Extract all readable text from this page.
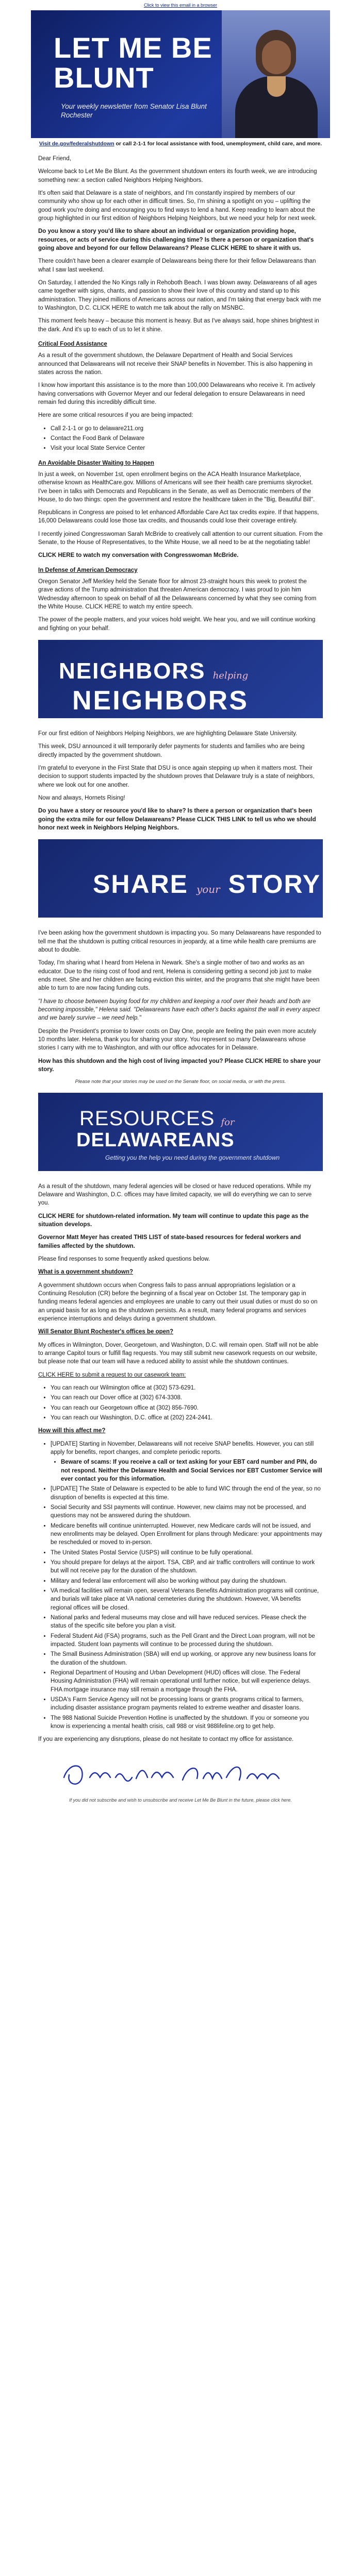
Click to view this email in a browser
LET ME BE BLUNT
Your weekly newsletter from Senator Lisa Blunt Rochester
Visit de.gov/federalshutdown or call 2-1-1 for local assistance with food, unemployment, child care, and more.

Dear Friend,

Welcome back to Let Me Be Blunt. As the government shutdown enters its fourth week, we are introducing something new: a section called Neighbors Helping Neighbors.

It's often said that Delaware is a state of neighbors, and I'm constantly inspired by members of our community who show up for each other in difficult times. So, I'm shining a spotlight on you – uplifting the good work you're doing and encouraging you to find ways to lend a hand. Keep reading to learn about the group highlighted in our first edition of Neighbors Helping Neighbors, but we need your help for next week.

Do you know a story you'd like to share about an individual or organization providing hope, resources, or acts of service during this challenging time? Is there a person or organization that's going above and beyond for our fellow Delawareans? Please CLICK HERE to share it with us.

There couldn't have been a clearer example of Delawareans being there for their fellow Delawareans than what I saw last weekend.

On Saturday, I attended the No Kings rally in Rehoboth Beach. I was blown away. Delawareans of all ages came together with signs, chants, and passion to show their love of this country and stand up to this administration. They joined millions of Americans across our nation, and I'm taking that energy back with me to Washington, D.C. CLICK HERE to watch me talk about the rally on MSNBC.

This moment feels heavy – because this moment is heavy. But as I've always said, hope shines brightest in the dark. And it's up to each of us to let it shine.

Critical Food Assistance

As a result of the government shutdown, the Delaware Department of Health and Social Services announced that Delawareans will not receive their SNAP benefits in November. This is also happening in states across the nation.

I know how important this assistance is to the more than 100,000 Delawareans who receive it. I'm actively having conversations with Governor Meyer and our federal delegation to ensure Delawareans in need remain fed during this incredibly difficult time.

Here are some critical resources if you are being impacted:

• Call 2-1-1 or go to delaware211.org
• Contact the Food Bank of Delaware
• Visit your local State Service Center
An Avoidable Disaster Waiting to Happen

In just a week, on November 1st, open enrollment begins on the ACA Health Insurance Marketplace, otherwise known as HealthCare.gov. Millions of Americans will see their health care premiums skyrocket. I've been in talks with Democrats and Republicans in the Senate, as well as Democratic members of the House, to do two things: open the government and restore the healthcare taken in the "Big, Beautiful Bill".

Republicans in Congress are poised to let enhanced Affordable Care Act tax credits expire. If that happens, 16,000 Delawareans could lose those tax credits, and thousands could lose their coverage entirely.

I recently joined Congresswoman Sarah McBride to creatively call attention to our current situation. From the Senate, to the House of Representatives, to the White House, we all need to be at the negotiating table!

CLICK HERE to watch my conversation with Congresswoman McBride.

In Defense of American Democracy

Oregon Senator Jeff Merkley held the Senate floor for almost 23-straight hours this week to protest the grave actions of the Trump administration that threaten American democracy. I was proud to join him Wednesday afternoon to speak on behalf of all the Delawareans concerned by what they see coming from the White House. CLICK HERE to watch my entire speech.

The power of the people matters, and your voices hold weight. We hear you, and we will continue working and fighting on your behalf.

NEIGHBORS helping
NEIGHBORS

For our first edition of Neighbors Helping Neighbors, we are highlighting Delaware State University.

This week, DSU announced it will temporarily defer payments for students and families who are being directly impacted by the government shutdown.

I'm grateful to everyone in the First State that DSU is once again stepping up when it matters most. Their decision to support students impacted by the shutdown proves that Delaware truly is a state of neighbors, where we look out for one another.

Now and always, Hornets Rising!

Do you have a story or resource you'd like to share? Is there a person or organization that's been going the extra mile for our fellow Delawareans? Please CLICK THIS LINK to tell us who we should honor next week in Neighbors Helping Neighbors.

SHARE your STORY

I've been asking how the government shutdown is impacting you. So many Delawareans have responded to tell me that the shutdown is putting critical resources in jeopardy, at a time while health care premiums are about to double.

Today, I'm sharing what I heard from Helena in Newark. She's a single mother of two and works as an educator. Due to the rising cost of food and rent, Helena is considering getting a second job just to make ends meet. She and her children are facing eviction this winter, and the programs that she might have been able to turn to are now facing funding cuts.

"I have to choose between buying food for my children and keeping a roof over their heads and both are becoming impossible," Helena said. "Delawareans have each other's backs against the wall in every aspect and we barely survive – we need help."

Despite the President's promise to lower costs on Day One, people are feeling the pain even more acutely 10 months later. Helena, thank you for sharing your story. You represent so many Delawareans whose stories I carry with me to Washington, and with our office advocates for in Delaware.

How has this shutdown and the high cost of living impacted you? Please CLICK HERE to share your story.

Please note that your stories may be used on the Senate floor, on social media, or with the press.
RESOURCES for
DELAWAREANS
Getting you the help you need during the government shutdown

As a result of the shutdown, many federal agencies will be closed or have reduced operations. While my Delaware and Washington, D.C. offices may have limited capacity, we will do everything we can to serve you.

CLICK HERE for shutdown-related information. My team will continue to update this page as the situation develops.

Governor Matt Meyer has created THIS LIST of state-based resources for federal workers and families affected by the shutdown.

Please find responses to some frequently asked questions below.

What is a government shutdown?

A government shutdown occurs when Congress fails to pass annual appropriations legislation or a Continuing Resolution (CR) before the beginning of a fiscal year on October 1st. The temporary gap in funding means federal agencies and employees are unable to carry out their usual duties or must do so on an unpaid basis for as long as the shutdown persists. As a result, many federal programs and services experience interruptions and delays during a government shutdown.

Will Senator Blunt Rochester's offices be open?

My offices in Wilmington, Dover, Georgetown, and Washington, D.C. will remain open. Staff will not be able to arrange Capitol tours or fulfill flag requests. You may still submit new casework requests on our website, but please note that our team will have a reduced ability to assist while the shutdown continues.

CLICK HERE to submit a request to our casework team:

• You can reach our Wilmington office at (302) 573-6291.
• You can reach our Dover office at (302) 674-3308.
• You can reach our Georgetown office at (302) 856-7690.
• You can reach our Washington, D.C. office at (202) 224-2441.

How will this affect me?

• [UPDATE] Starting in November, Delawareans will not receive SNAP benefits. However, you can still apply for benefits, report changes, and complete periodic reports.
• Beware of scams: If you receive a call or text asking for your EBT card number and PIN, do not respond. Neither the Delaware Health and Social Services nor EBT Customer Service will ever contact you for this information.
• [UPDATE] The State of Delaware is expected to be able to fund WIC through the end of the year, so no disruption of benefits is expected at this time.
• Social Security and SSI payments will continue. However, new claims may not be processed, and questions may not be answered during the shutdown.
• Medicare benefits will continue uninterrupted. However, new Medicare cards will not be issued, and new enrollments may be delayed. Open Enrollment for plans through Medicare: your appointments may be rescheduled or moved to in-person.
• The United States Postal Service (USPS) will continue to be fully operational.
• You should prepare for delays at the airport. TSA, CBP, and air traffic controllers will continue to work but will not receive pay for the duration of the shutdown.
• Military and federal law enforcement will also be working without pay during the shutdown.
• VA medical facilities will remain open, several Veterans Benefits Administration programs will continue, and burials will take place at VA national cemeteries during the shutdown. However, VA benefits regional offices will be closed.
• National parks and federal museums may close and will have reduced services. Please check the status of the specific site before you plan a visit.
• Federal Student Aid (FSA) programs, such as the Pell Grant and the Direct Loan program, will not be impacted. Student loan payments will continue to be processed during the shutdown.
• The Small Business Administration (SBA) will end up working, or approve any new business loans for the duration of the shutdown.
• Regional Department of Housing and Urban Development (HUD) offices will close. The Federal Housing Administration (FHA) will remain operational until further notice, but will experience delays. FHA mortgage insurance may still remain a mortgage through the FHA.
• USDA's Farm Service Agency will not be processing loans or grants programs critical to farmers, including disaster assistance program payments related to extreme weather and disaster loans.
• The 988 National Suicide Prevention Hotline is unaffected by the shutdown. If you or someone you know is experiencing a mental health crisis, call 988 or visit 988lifeline.org to get help.

If you are experiencing any disruptions, please do not hesitate to contact my office for assistance.

If you did not subscribe and wish to unsubscribe and receive Let Me Be Blunt in the future, please click here.
